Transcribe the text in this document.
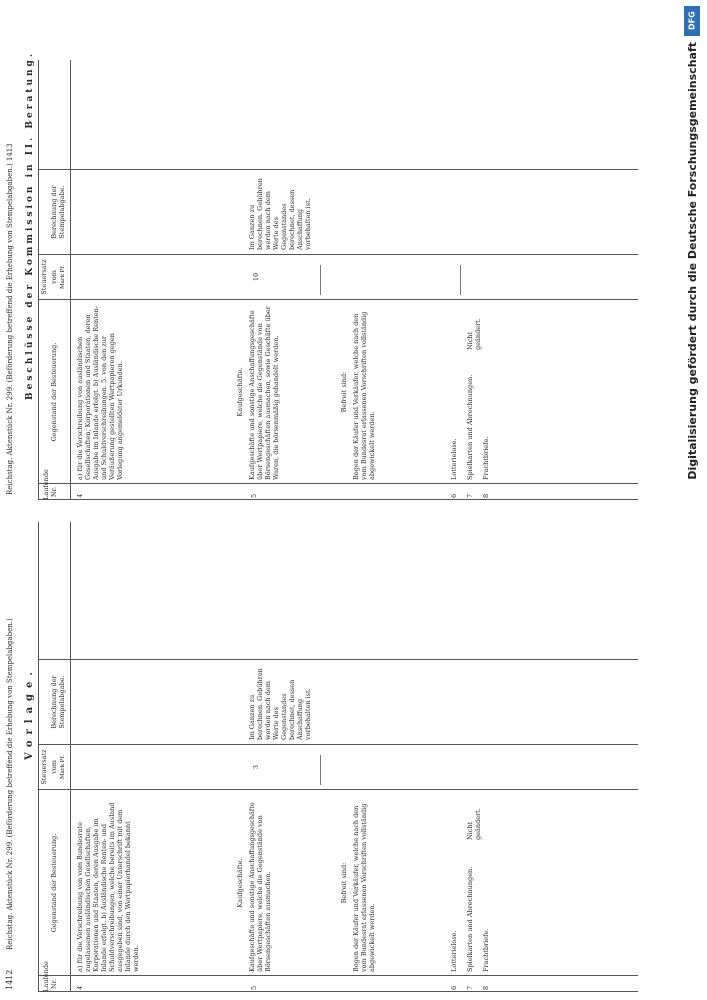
DFG
Digitalisierung gefördert durch die Deutsche Forschungsgemeinschaft
1412
Reichstag. Aktenstück Nr. 299. (Beförderung betreffend die Erhebung von Stempelabgaben.) Vorlage.
Laufende Nr.
Gegenstand der Besteuerung.
Steuersatz vom Mark Pf.
Berechnung der Stempelabgabe.
4
a) für die Verschreibung von vom Bundesrate zugelassenen ausländischen Gesellschaften, Korporationen und Staaten, deren Ausgabe im Inlande erfolgt. b) Ausländische Renten- und Schuldverschreibungen, welche bereits im Ausland ausgegeben sind, von einer Unterschrift mit dem Inlande durch den Wertpapierhandel bekannt werden.
5
Kaufgeschäfte. Kaufgeschäfte und sonstige Anschaffungsgeschäfte über Wertpapiere, welche die Gegenstände von Börsengeschäften ausmachen.
3
Im Ganzen zu berechnen. Gebühren werden nach dem Werte des Gegenstandes berechnet, dessen Anschaffung vorbehalten ist.
Befreit sind: Bogen der Käufer und Verkäufer, welche nach den vom Bundesrat erlassenen Vorschriften vollständig abgewickelt werden.
6
Lotterielose.
7
Spielkarten und Abrechnungen.
8
Frachtbriefe.
Nicht geändert.
Reichstag. Aktenstück Nr. 299. (Beförderung betreffend die Erhebung von Stempelabgaben.) 1413 Beschlüsse der Kommission in II. Beratung.
Laufende Nr.
Gegenstand der Besteuerung.
Steuersatz vom Mark Pf.
Berechnung der Stempelabgabe.
4
a) für die Verschreibung von ausländischen Gesellschaften, Korporationen und Staaten, deren Ausgabe im Inlande erfolgt. b) Ausländische Renten- und Schuldverschreibungen. 5. von den zur Veräußerung gestellten Wertpapieren gegen Vorlegung angemeldeter Urkunden.
5
Kaufgeschäfte. Kaufgeschäfte und sonstige Anschaffungsgeschäfte über Wertpapiere, welche die Gegenstände von Börsengeschäften ausmachen, sowie Geschäfte über Waren, die börsenmäßig gehandelt werden.
10
Im Ganzen zu berechnen. Gebühren werden nach dem Werte des Gegenstandes berechnet, dessen Anschaffung vorbehalten ist.
Befreit sind: Bogen der Käufer und Verkäufer, welche nach den vom Bundesrat erlassenen Vorschriften vollständig abgewickelt werden.
6
Lotterielose.
7
Spielkarten und Abrechnungen.
8
Frachtbriefe.
Nicht geändert.
